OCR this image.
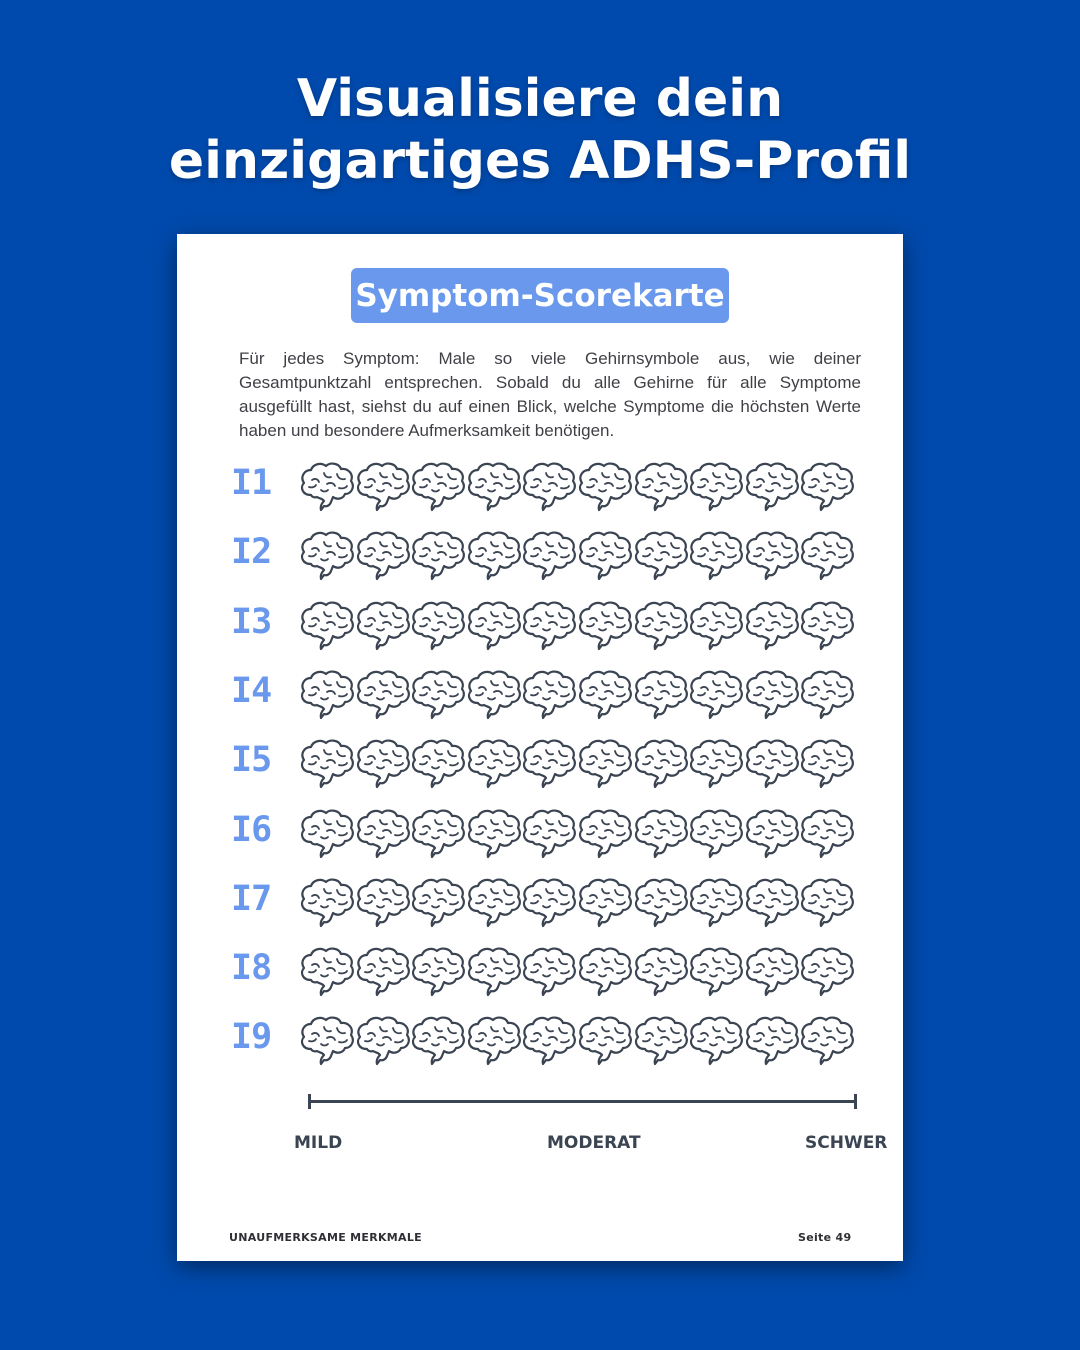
Visualisiere dein
einzigartiges ADHS-Profil
Symptom-Scorekarte
Für jedes Symptom: Male so viele Gehirnsymbole aus, wie deiner Gesamtpunktzahl entsprechen. Sobald du alle Gehirne für alle Symptome ausgefüllt hast, siehst du auf einen Blick, welche Symptome die höchsten Werte haben und besondere Aufmerksamkeit benötigen.
I1
I2
I3
I4
I5
I6
I7
I8
I9
MILD	MODERAT	SCHWER
UNAUFMERKSAME MERKMALE	Seite 49
